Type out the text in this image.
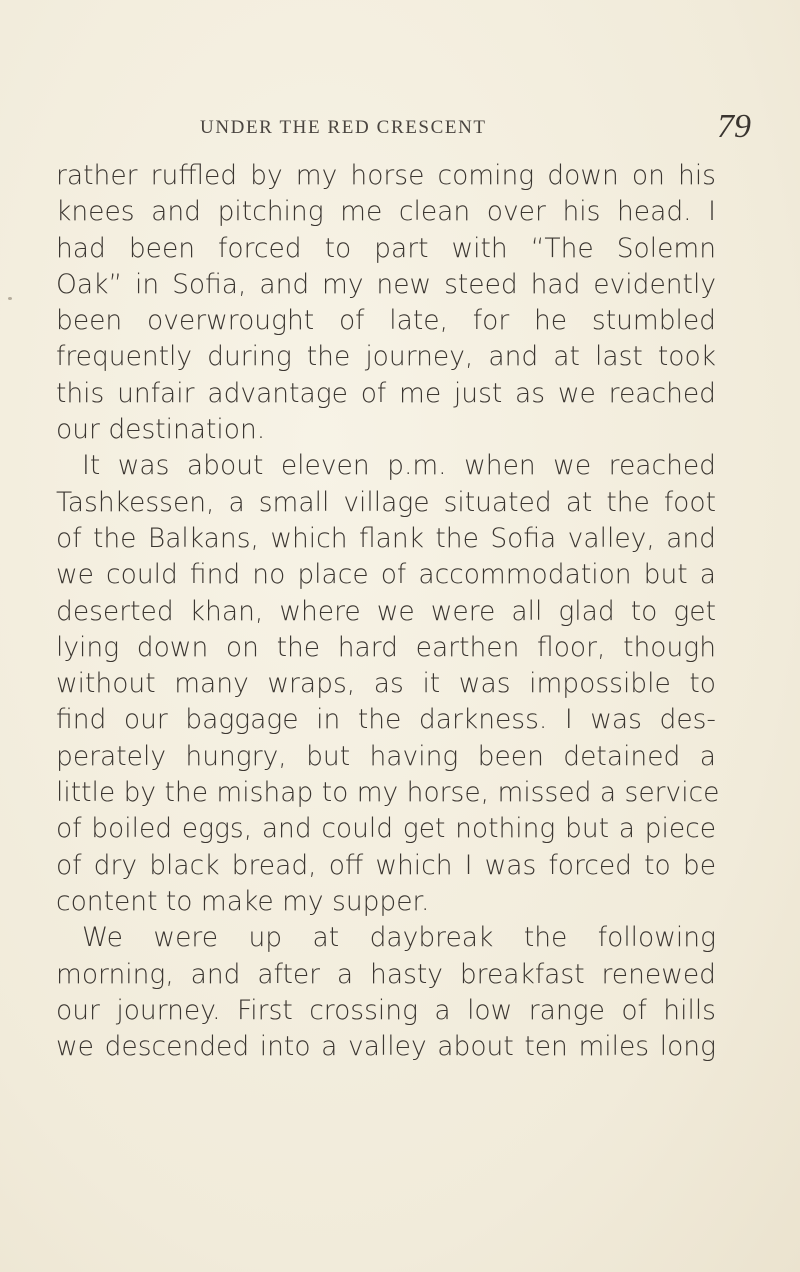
UNDER THE RED CRESCENT	79
rather ruffled by my horse coming down on his
knees and pitching me clean over his head. I
had been forced to part with “The Solemn
Oak” in Sofia, and my new steed had evidently
been overwrought of late, for he stumbled
frequently during the journey, and at last took
this unfair advantage of me just as we reached
our destination.
It was about eleven p.m. when we reached
Tashkessen, a small village situated at the foot
of the Balkans, which flank the Sofia valley, and
we could find no place of accommodation but a
deserted khan, where we were all glad to get
lying down on the hard earthen floor, though
without many wraps, as it was impossible to
find our baggage in the darkness. I was des-
perately hungry, but having been detained a
little by the mishap to my horse, missed a service
of boiled eggs, and could get nothing but a piece
of dry black bread, off which I was forced to be
content to make my supper.
We were up at daybreak the following
morning, and after a hasty breakfast renewed
our journey. First crossing a low range of hills
we descended into a valley about ten miles long
